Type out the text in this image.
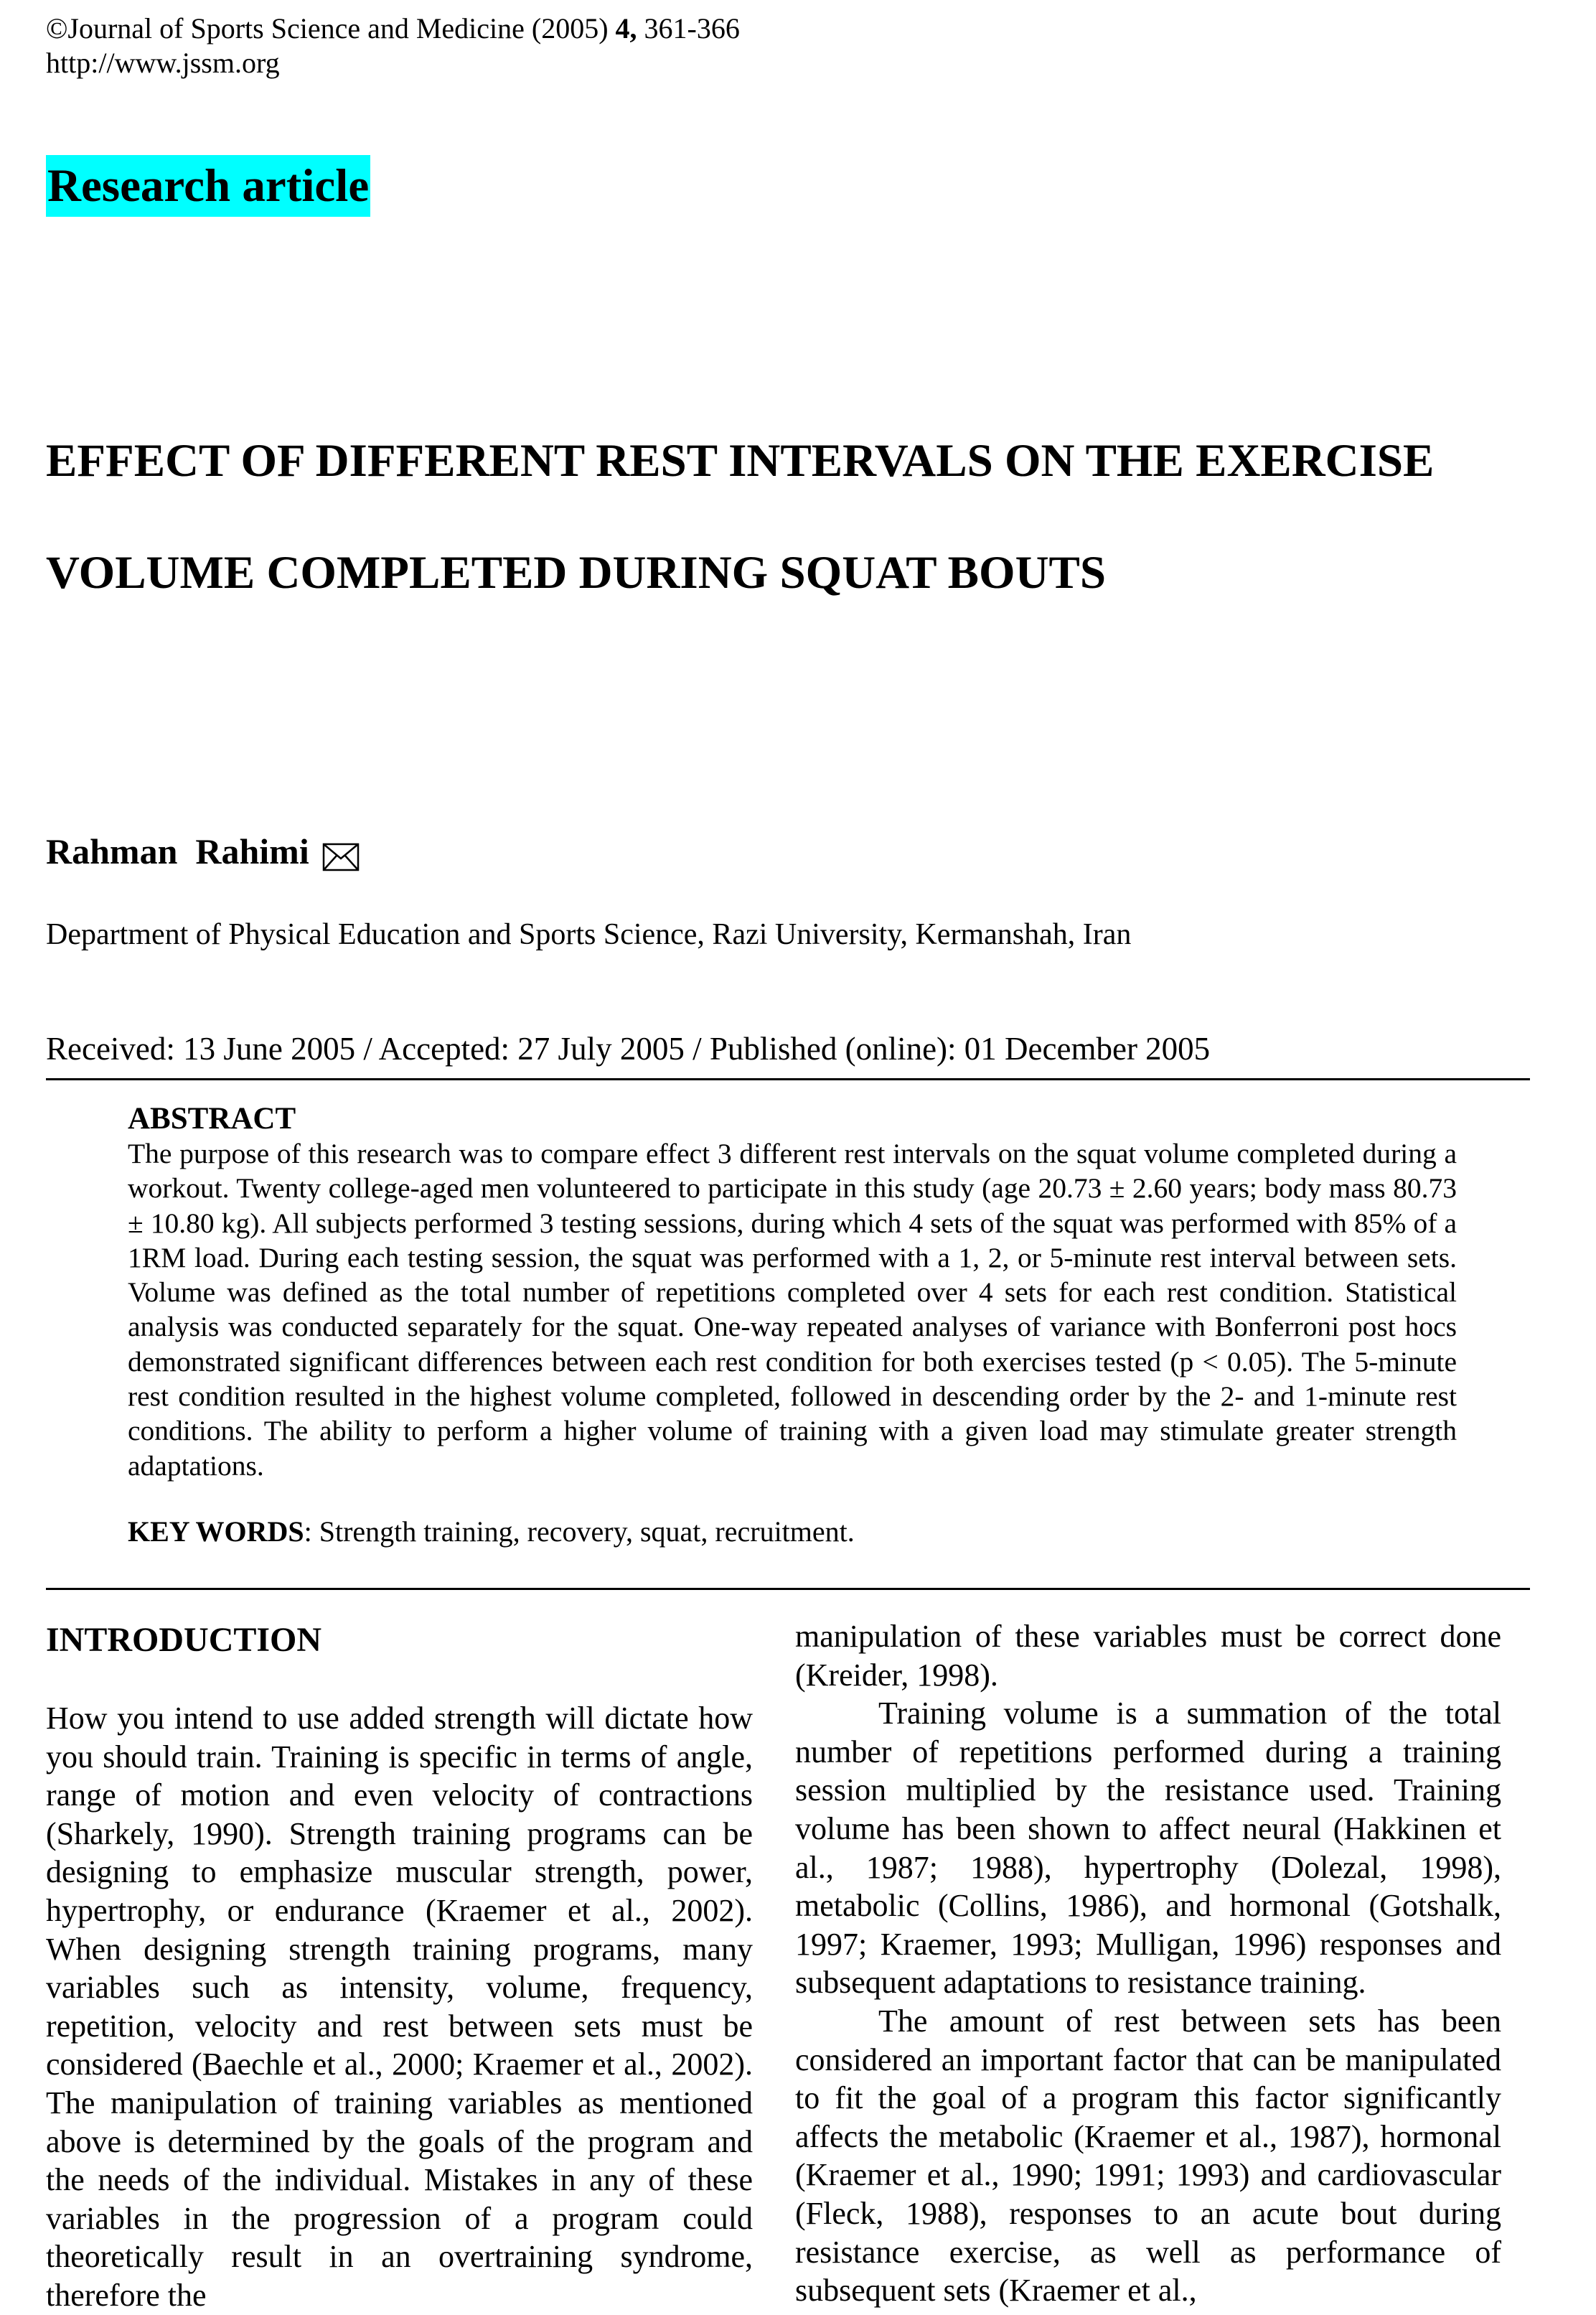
©Journal of Sports Science and Medicine (2005) 4, 361-366
http://www.jssm.org
Research article
EFFECT OF DIFFERENT REST INTERVALS ON THE EXERCISE
VOLUME COMPLETED DURING SQUAT BOUTS
Rahman  Rahimi
Department of Physical Education and Sports Science, Razi University, Kermanshah, Iran
Received: 13 June 2005 / Accepted: 27 July 2005 / Published (online): 01 December 2005
ABSTRACT
The purpose of this research was to compare effect 3 different rest intervals on the squat volume completed during a workout. Twenty college-aged men volunteered to participate in this study (age 20.73 ± 2.60 years; body mass 80.73 ± 10.80 kg). All subjects performed 3 testing sessions, during which 4 sets of the squat was performed with 85% of a 1RM load. During each testing session, the squat was performed with a 1, 2, or 5-minute rest interval between sets. Volume was defined as the total number of repetitions completed over 4 sets for each rest condition. Statistical analysis was conducted separately for the squat. One-way repeated analyses of variance with Bonferroni post hocs demonstrated significant differences between each rest condition for both exercises tested (p < 0.05). The 5-minute rest condition resulted in the highest volume completed, followed in descending order by the 2- and 1-minute rest conditions. The ability to perform a higher volume of training with a given load may stimulate greater strength adaptations.
KEY WORDS: Strength training, recovery, squat, recruitment.
INTRODUCTION

How you intend to use added strength will dictate how you should train. Training is specific in terms of angle, range of motion and even velocity of contractions (Sharkely, 1990). Strength training programs can be designing to emphasize muscular strength, power, hypertrophy, or endurance (Kraemer et al., 2002). When designing strength training programs, many variables such as intensity, volume, frequency, repetition, velocity and rest between sets must be considered (Baechle et al., 2000; Kraemer et al., 2002). The manipulation of training variables as mentioned above is determined by the goals of the program and the needs of the individual. Mistakes in any of these variables in the progression of a program could theoretically result in an overtraining syndrome, therefore the

manipulation of these variables must be correct done (Kreider, 1998).

Training volume is a summation of the total number of repetitions performed during a training session multiplied by the resistance used. Training volume has been shown to affect neural (Hakkinen et al., 1987; 1988), hypertrophy (Dolezal, 1998), metabolic (Collins, 1986), and hormonal (Gotshalk, 1997; Kraemer, 1993; Mulligan, 1996) responses and subsequent adaptations to resistance training.

The amount of rest between sets has been considered an important factor that can be manipulated to fit the goal of a program this factor significantly affects the metabolic (Kraemer et al., 1987), hormonal (Kraemer et al., 1990; 1991; 1993) and cardiovascular (Fleck, 1988), responses to an acute bout during resistance exercise, as well as performance of subsequent sets (Kraemer et al.,
